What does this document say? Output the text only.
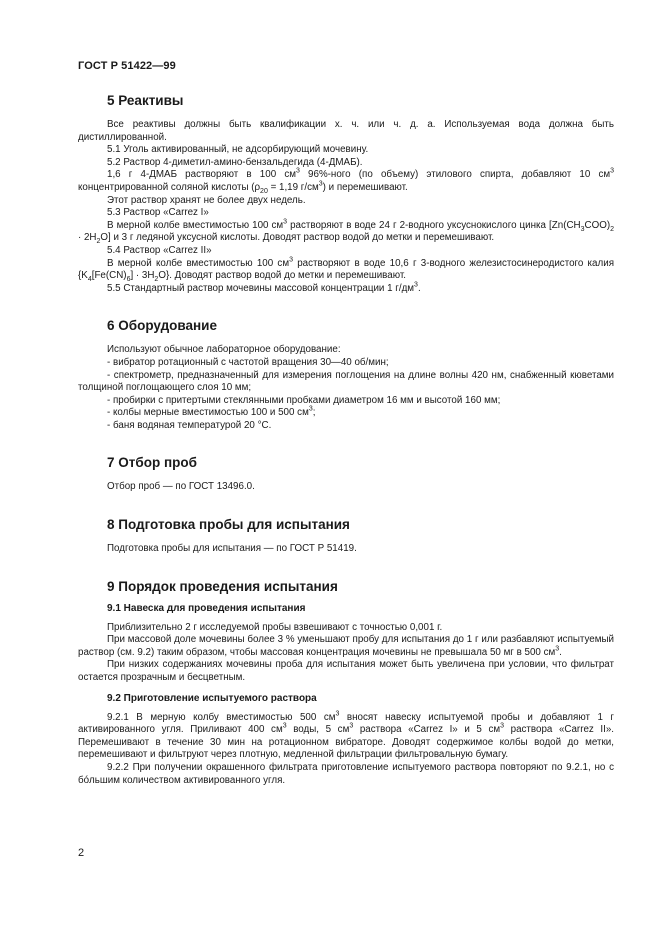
ГОСТ Р 51422—99
5 Реактивы

Все реактивы должны быть квалификации х. ч. или ч. д. а. Используемая вода должна быть дистиллированной.

5.1 Уголь активированный, не адсорбирующий мочевину.

5.2 Раствор 4-диметил-амино-бензальдегида (4-ДМАБ).

1,6 г 4-ДМАБ растворяют в 100 $см^3$ 96%-ного (по объему) этилового спирта, добавляют 10 $см^3$ концентрированной соляной кислоты ($\rho_{20} = 1,19$ $г/см^3$) и перемешивают.

Этот раствор хранят не более двух недель.

5.3 Раствор «Carrez I»

В мерной колбе вместимостью 100 $см^3$ растворяют в воде 24 г 2-водного уксуснокислого цинка $[Zn(CH_3COO)_2 \cdot 2H_2O]$ и 3 г ледяной уксусной кислоты. Доводят раствор водой до метки и перемешивают.

5.4 Раствор «Carrez II»

В мерной колбе вместимостью 100 $см^3$ растворяют в воде 10,6 г 3-водного железистосинеродистого калия $\{K_4[Fe(CN)_6] \cdot 3H_2O\}$. Доводят раствор водой до метки и перемешивают.

5.5 Стандартный раствор мочевины массовой концентрации 1 $г/дм^3$.

6 Оборудование

Используют обычное лабораторное оборудование:

- вибратор ротационный с частотой вращения 30—40 об/мин;

- спектрометр, предназначенный для измерения поглощения на длине волны 420 нм, снабженный кюветами толщиной поглощающего слоя 10 мм;

- пробирки с притертыми стеклянными пробками диаметром 16 мм и высотой 160 мм;

- колбы мерные вместимостью 100 и 500 $см^3$;

- баня водяная температурой 20 °С.

7 Отбор проб

Отбор проб — по ГОСТ 13496.0.

8 Подготовка пробы для испытания

Подготовка пробы для испытания — по ГОСТ Р 51419.

9 Порядок проведения испытания
9.1 Навеска для проведения испытания

Приблизительно 2 г исследуемой пробы взвешивают с точностью 0,001 г.

При массовой доле мочевины более 3 % уменьшают пробу для испытания до 1 г или разбавляют испытуемый раствор (см. 9.2) таким образом, чтобы массовая концентрация мочевины не превышала 50 мг в 500 $см^3$.

При низких содержаниях мочевины проба для испытания может быть увеличена при условии, что фильтрат остается прозрачным и бесцветным.

9.2 Приготовление испытуемого раствора

9.2.1 В мерную колбу вместимостью 500 $см^3$ вносят навеску испытуемой пробы и добавляют 1 г активированного угля. Приливают 400 $см^3$ воды, 5 $см^3$ раствора «Carrez I» и 5 $см^3$ раствора «Carrez II». Перемешивают в течение 30 мин на ротационном вибраторе. Доводят содержимое колбы водой до метки, перемешивают и фильтруют через плотную, медленной фильтрации фильтровальную бумагу.

9.2.2 При получении окрашенного фильтрата приготовление испытуемого раствора повторяют по 9.2.1, но с бóльшим количеством активированного угля.

2
